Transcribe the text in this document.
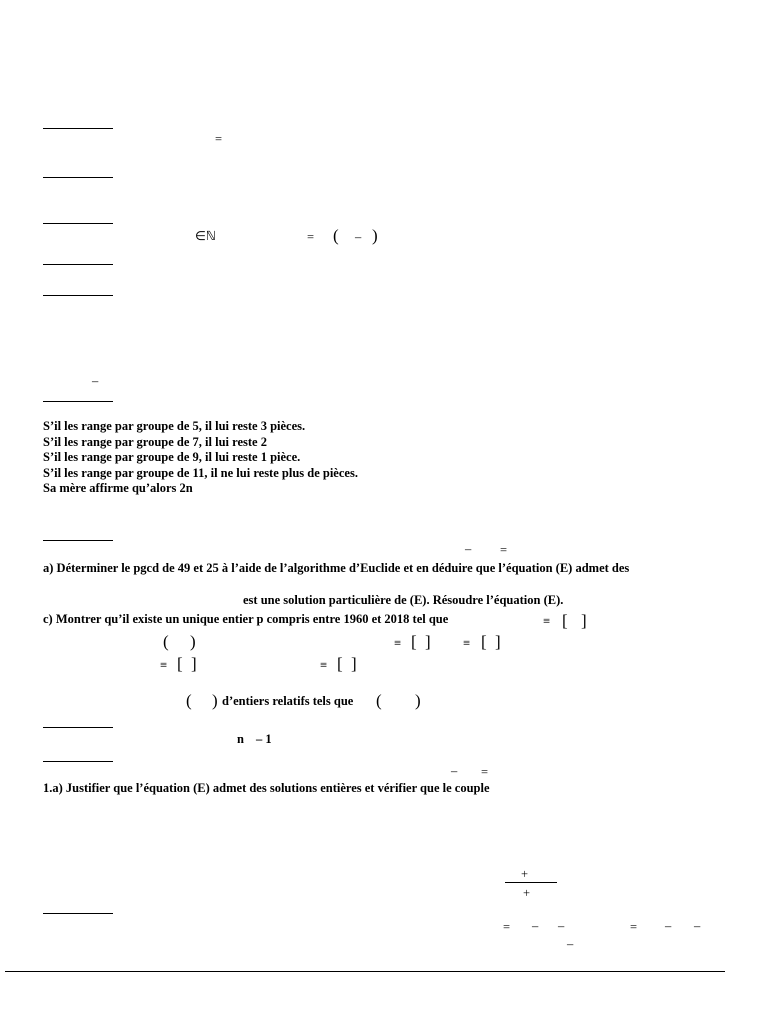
=
∈ℕ	= ( – )
–
S’il les range par groupe de 5, il lui reste 3 pièces.
S’il les range par groupe de 7, il lui reste 2
S’il les range par groupe de 9, il lui reste 1 pièce.
S’il les range par groupe de 11, il ne lui reste plus de pièces.
Sa mère affirme qu’alors 2n
– =
a) Déterminer le pgcd de 49 et 25 à l’aide de l’algorithme d’Euclide et en déduire que l’équation (E) admet des
est une solution particulière de (E). Résoudre l’équation (E).
c) Montrer qu’il existe un unique entier p compris entre 1960 et 2018 tel que	≡ [ ]
( )	≡ [ ]	≡ [ ]
≡ [ ]	≡ [ ]
( ) d’entiers relatifs tels que ( )
n – 1
– =
1.a) Justifier que l’équation (E) admet des solutions entières et vérifier que le couple
+
+
= – –	= – –
–
